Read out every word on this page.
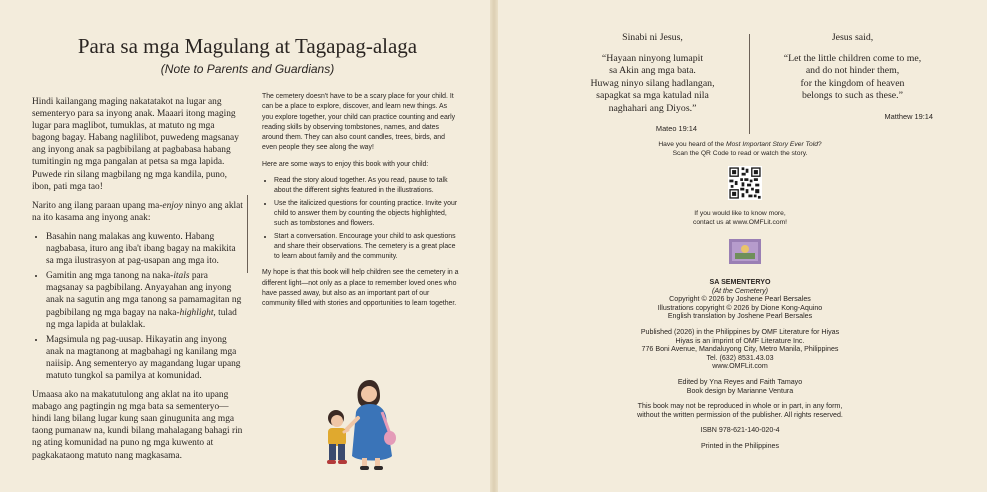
Para sa mga Magulang at Tagapag-alaga
(Note to Parents and Guardians)

Hindi kailangang maging nakatatakot na lugar ang sementeryo para sa inyong anak. Maaari itong maging lugar para maglibot, tumuklas, at matuto ng mga bagong bagay. Habang naglilibot, puwedeng magsanay ang inyong anak sa pagbibilang at pagbabasa habang tumitingin ng mga pangalan at petsa sa mga lapida. Puwede rin silang magbilang ng mga kandila, puno, ibon, pati mga tao!

Narito ang ilang paraan upang ma-enjoy ninyo ang aklat na ito kasama ang inyong anak:

• Basahin nang malakas ang kuwento. Habang nagbabasa, ituro ang iba't ibang bagay na makikita sa mga ilustrasyon at pag-usapan ang mga ito.
• Gamitin ang mga tanong na naka-itals para magsanay sa pagbibilang. Anyayahan ang inyong anak na sagutin ang mga tanong sa pamamagitan ng pagbibilang ng mga bagay na naka-highlight, tulad ng mga lapida at bulaklak.
• Magsimula ng pag-uusap. Hikayatin ang inyong anak na magtanong at magbahagi ng kanilang mga naiisip. Ang sementeryo ay magandang lugar upang matuto tungkol sa pamilya at komunidad.

Umaasa ako na makatutulong ang aklat na ito upang mabago ang pagtingin ng mga bata sa sementeryo—hindi lang bilang lugar kung saan ginugunita ang mga taong pumanaw na, kundi bilang mahalagang bahagi rin ng ating komunidad na puno ng mga kuwento at pagkakataong matuto nang magkasama.

The cemetery doesn't have to be a scary place for your child. It can be a place to explore, discover, and learn new things. As you explore together, your child can practice counting and early reading skills by observing tombstones, names, and dates around them. They can also count candles, trees, birds, and even people they see along the way!

Here are some ways to enjoy this book with your child:

• Read the story aloud together. As you read, pause to talk about the different sights featured in the illustrations.
• Use the italicized questions for counting practice. Invite your child to answer them by counting the objects highlighted, such as tombstones and flowers.
• Start a conversation. Encourage your child to ask questions and share their observations. The cemetery is a great place to learn about family and the community.

My hope is that this book will help children see the cemetery in a different light—not only as a place to remember loved ones who have passed away, but also as an important part of our community filled with stories and opportunities to learn together.

Sinabi ni Jesus,
“Hayaan ninyong lumapit
sa Akin ang mga bata.
Huwag ninyo silang hadlangan,
sapagkat sa mga katulad nila
naghahari ang Diyos.”
Mateo 19:14
Jesus said,
“Let the little children come to me,
and do not hinder them,
for the kingdom of heaven
belongs to such as these.”
Matthew 19:14
Have you heard of the Most Important Story Ever Told?
Scan the QR Code to read or watch the story.
If you would like to know more,
contact us at www.OMFLit.com!
SA SEMENTERYO
(At the Cemetery)
Copyright © 2026 by Joshene Pearl Bersales
Illustrations copyright © 2026 by Dione Kong-Aquino
English translation by Joshene Pearl Bersales
Published (2026) in the Philippines by OMF Literature for Hiyas
Hiyas is an imprint of OMF Literature Inc.
776 Boni Avenue, Mandaluyong City, Metro Manila, Philippines
Tel. (632) 8531.43.03
www.OMFLit.com
Edited by Yna Reyes and Faith Tamayo
Book design by Marianne Ventura
This book may not be reproduced in whole or in part, in any form,
without the written permission of the publisher. All rights reserved.
ISBN 978-621-140-020-4
Printed in the Philippines
